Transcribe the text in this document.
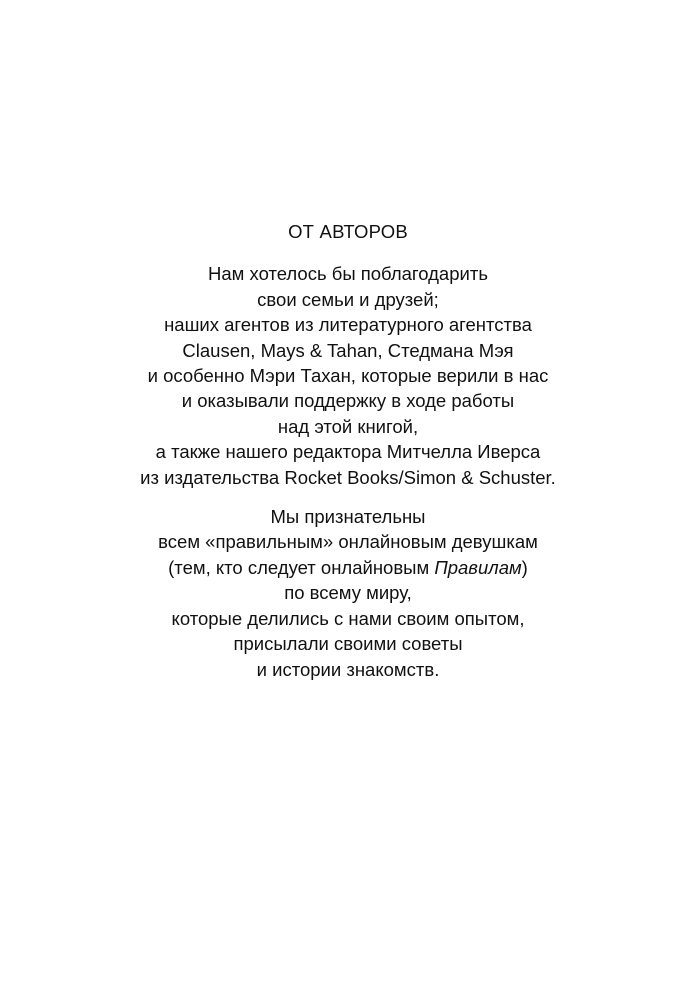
ОТ АВТОРОВ

Нам хотелось бы поблагодарить
свои семьи и друзей;
наших агентов из литературного агентства
Clausen, Mays & Tahan, Стедмана Мэя
и особенно Мэри Тахан, которые верили в нас
и оказывали поддержку в ходе работы
над этой книгой,
а также нашего редактора Митчелла Иверса
из издательства Rocket Books/Simon & Schuster.

Мы признательны
всем «правильным» онлайновым девушкам
(тем, кто следует онлайновым Правилам)
по всему миру,
которые делились с нами своим опытом,
присылали своими советы
и истории знакомств.
